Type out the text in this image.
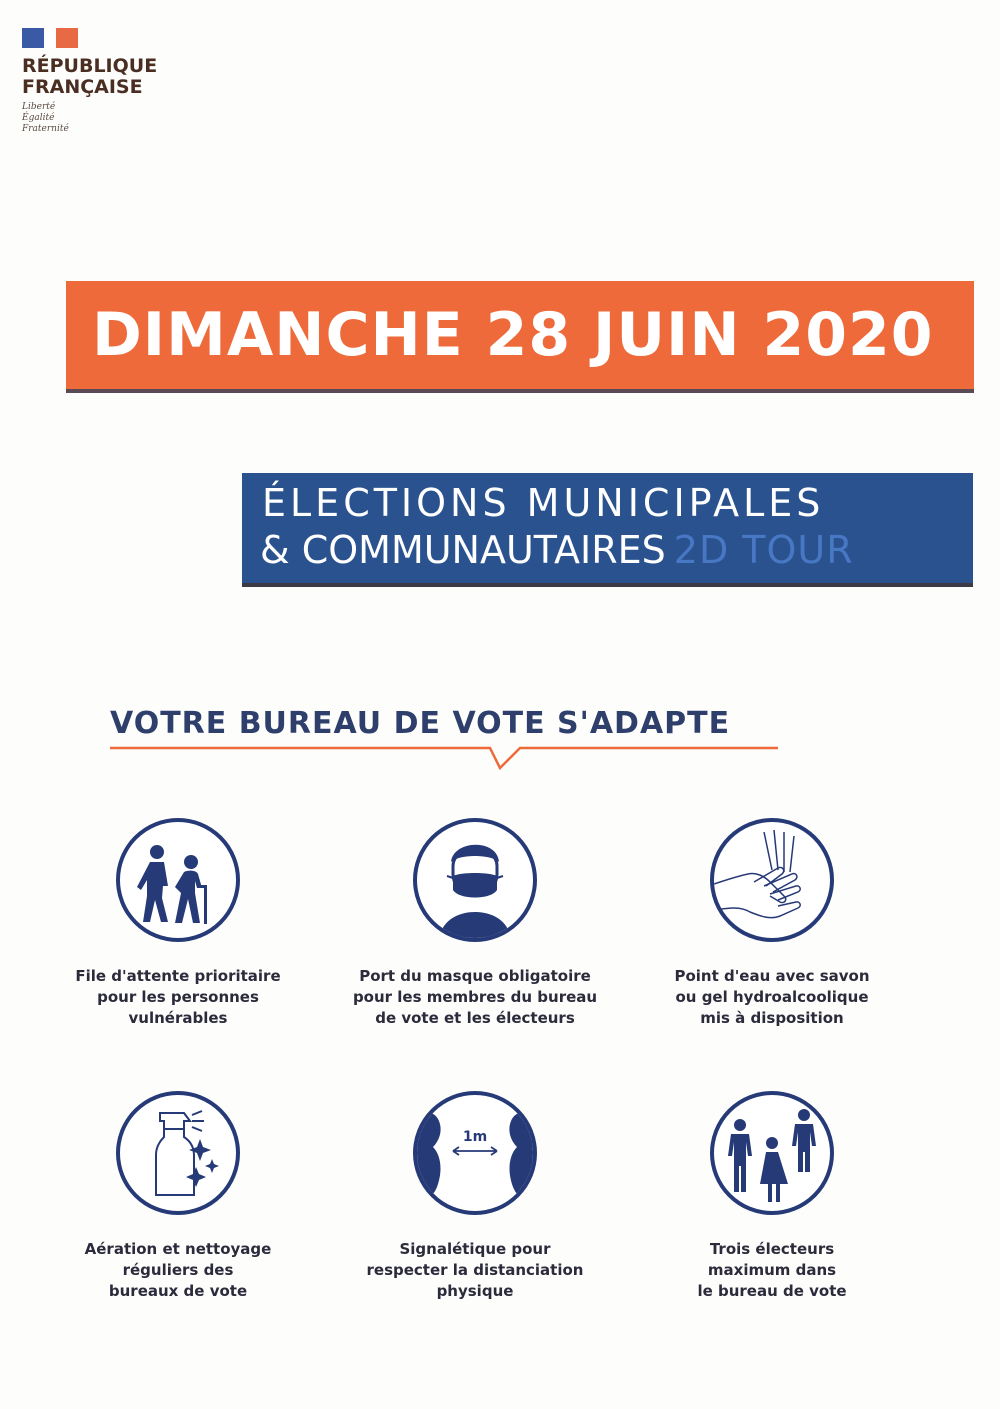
RÉPUBLIQUE
FRANÇAISE
Liberté
Égalité
Fraternité
DIMANCHE 28 JUIN 2020
ÉLECTIONS MUNICIPALES
& COMMUNAUTAIRES 2D TOUR
VOTRE BUREAU DE VOTE S'ADAPTE
File d'attente prioritaire
pour les personnes
vulnérables
Port du masque obligatoire
pour les membres du bureau
de vote et les électeurs
Point d'eau avec savon
ou gel hydroalcoolique
mis à disposition
Aération et nettoyage
réguliers des
bureaux de vote
1m
Signalétique pour
respecter la distanciation
physique
Trois électeurs
maximum dans
le bureau de vote
